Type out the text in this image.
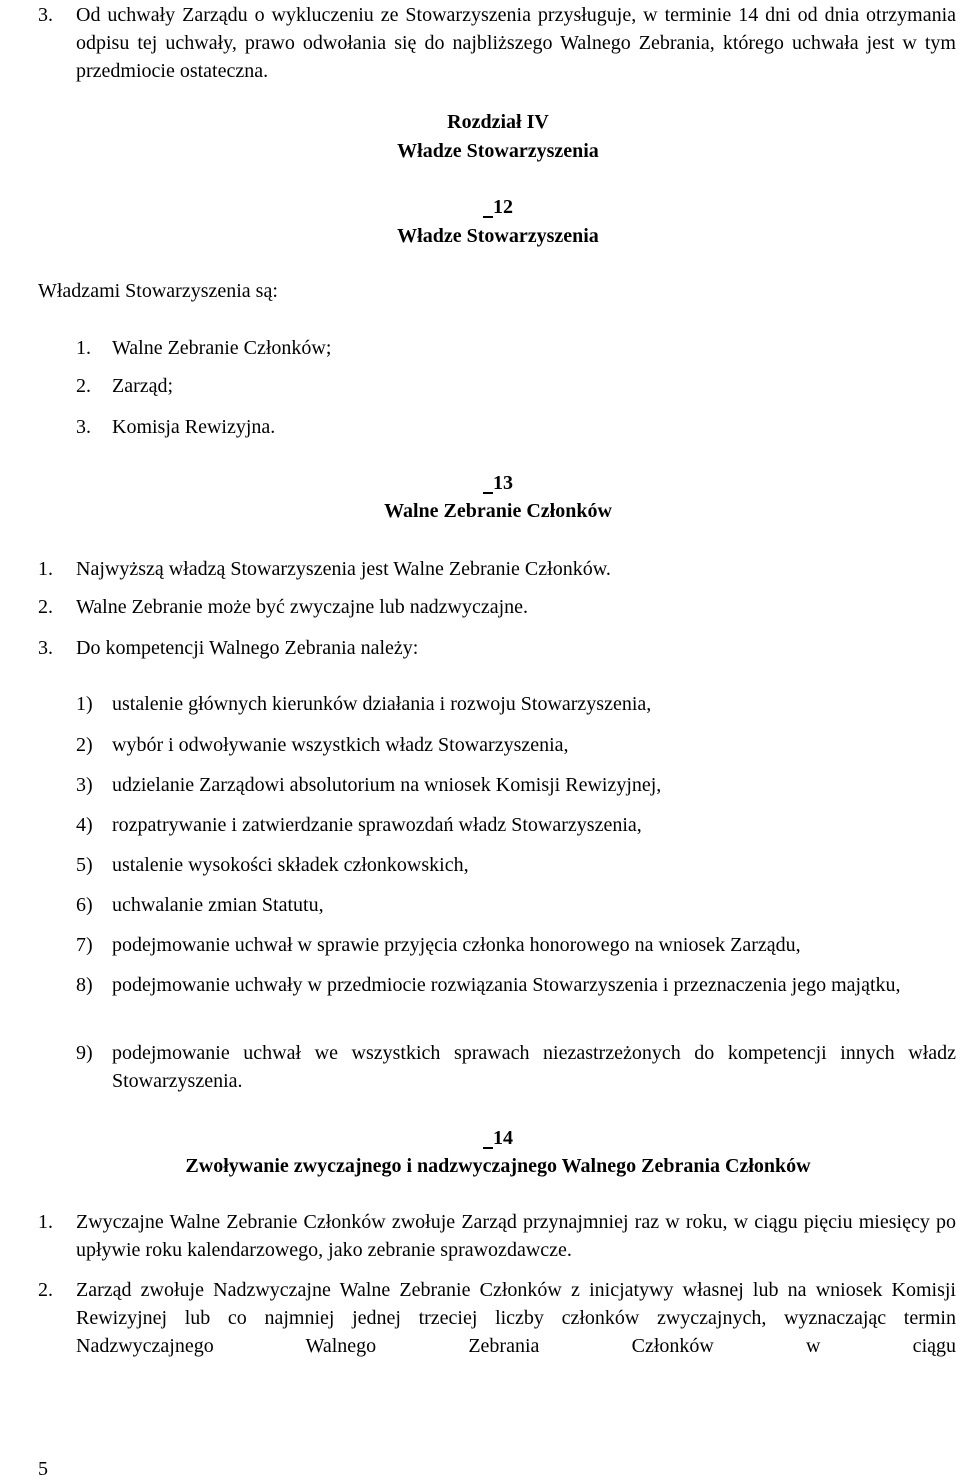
3. Od uchwały Zarządu o wykluczeniu ze Stowarzyszenia przysługuje, w terminie 14 dni od dnia otrzymania odpisu tej uchwały, prawo odwołania się do najbliższego Walnego Zebrania, którego uchwała jest w tym przedmiocie ostateczna.
Rozdział IV
Władze Stowarzyszenia
12
Władze Stowarzyszenia
Władzami Stowarzyszenia są:
1. Walne Zebranie Członków;
2. Zarząd;
3. Komisja Rewizyjna.
13
Walne Zebranie Członków
1. Najwyższą władzą Stowarzyszenia jest Walne Zebranie Członków.
2. Walne Zebranie może być zwyczajne lub nadzwyczajne.
3. Do kompetencji Walnego Zebrania należy:
1) ustalenie głównych kierunków działania i rozwoju Stowarzyszenia,
2) wybór i odwoływanie wszystkich władz Stowarzyszenia,
3) udzielanie Zarządowi absolutorium na wniosek Komisji Rewizyjnej,
4) rozpatrywanie i zatwierdzanie sprawozdań władz Stowarzyszenia,
5) ustalenie wysokości składek członkowskich,
6) uchwalanie zmian Statutu,
7) podejmowanie uchwał w sprawie przyjęcia członka honorowego na wniosek Zarządu,
8) podejmowanie uchwały w przedmiocie rozwiązania Stowarzyszenia i przeznaczenia jego majątku,
9) podejmowanie uchwał we wszystkich sprawach niezastrzeżonych do kompetencji innych władz Stowarzyszenia.
14
Zwoływanie zwyczajnego i nadzwyczajnego Walnego Zebrania Członków
1. Zwyczajne Walne Zebranie Członków zwołuje Zarząd przynajmniej raz w roku, w ciągu pięciu miesięcy po upływie roku kalendarzowego, jako zebranie sprawozdawcze.
2. Zarząd zwołuje Nadzwyczajne Walne Zebranie Członków z inicjatywy własnej lub na wniosek Komisji Rewizyjnej lub co najmniej jednej trzeciej liczby członków zwyczajnych, wyznaczając termin Nadzwyczajnego Walnego Zebrania Członków w ciągu
5
